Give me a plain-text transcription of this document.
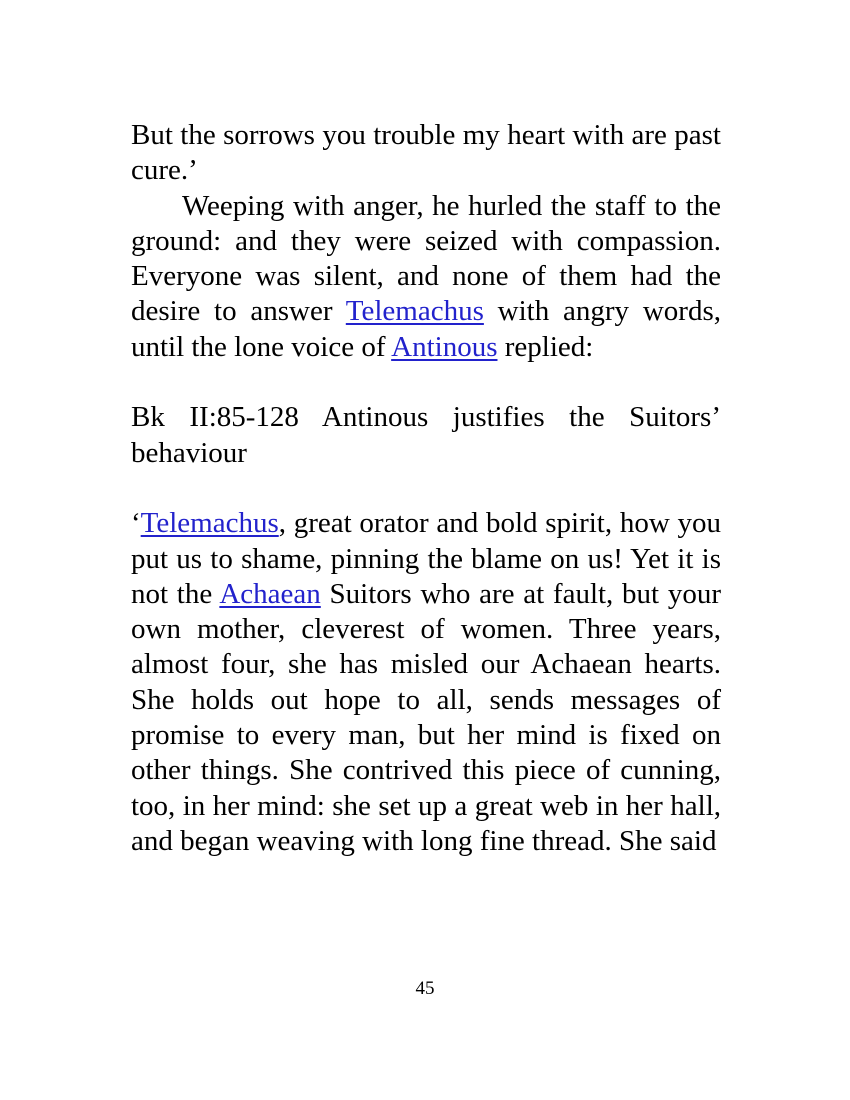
But the sorrows you trouble my heart with are past cure.’

Weeping with anger, he hurled the staff to the ground: and they were seized with compassion. Everyone was silent, and none of them had the desire to answer Telemachus with angry words, until the lone voice of Antinous replied:

Bk II:85-128 Antinous justifies the Suitors’ behaviour

‘Telemachus, great orator and bold spirit, how you put us to shame, pinning the blame on us! Yet it is not the Achaean Suitors who are at fault, but your own mother, cleverest of women. Three years, almost four, she has misled our Achaean hearts. She holds out hope to all, sends messages of promise to every man, but her mind is fixed on other things. She contrived this piece of cunning, too, in her mind: she set up a great web in her hall, and began weaving with long fine thread. She said

45
